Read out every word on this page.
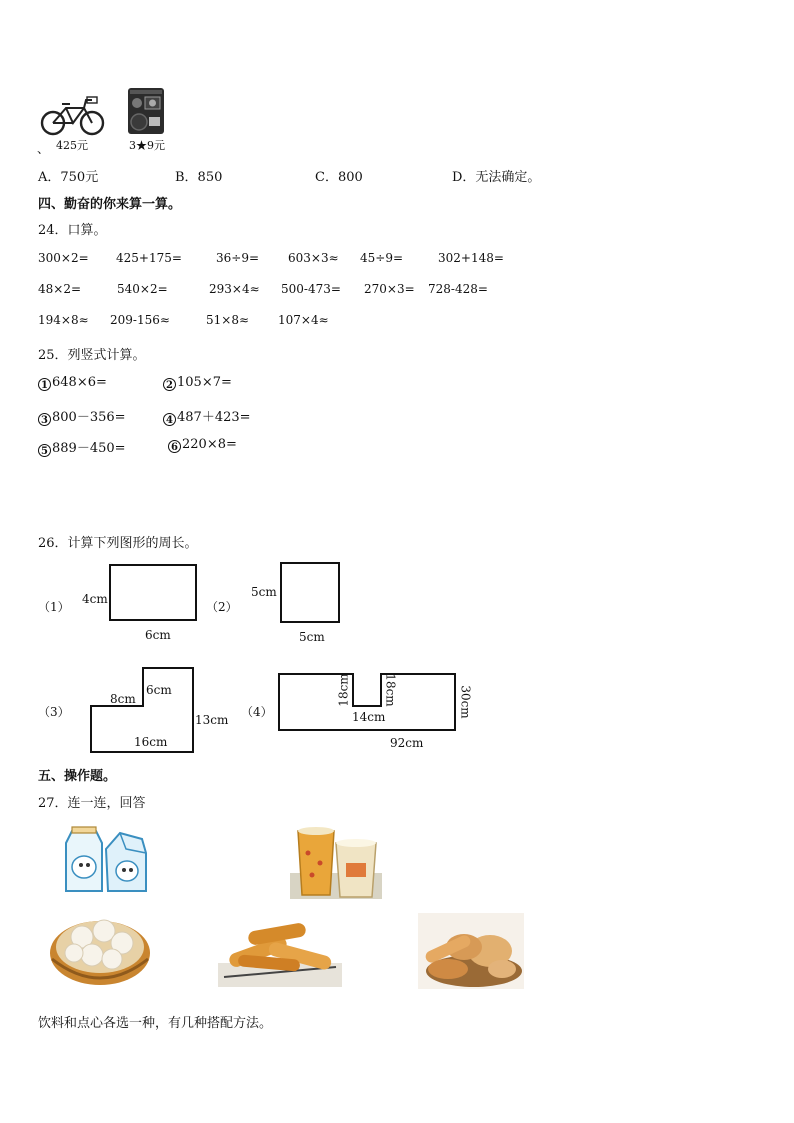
425元	3★9元
、
A．750元	B．850	C．800	D．无法确定。
四、勤奋的你来算一算。
24．口算。
300×2= 425+175=	36÷9= 603×3≈ 45÷9=	302+148=
48×2=	540×2=	293×4≈ 500-473= 270×3= 728-428=
194×8≈ 209-156≈	51×8≈ 107×4≈
25．列竖式计算。
1 648×6=	2 105×7=
3 800－356=	4 487＋423=
5 889－450=	6 220×8=
26．计算下列图形的周长。
（1）
4cm
6cm
（2）
5cm
5cm
（3）
8cm
6cm
13cm
16cm
（4）
18cm	18cm	30cm
14cm
92cm
五、操作题。
27．连一连，回答
饮料和点心各选一种，有几种搭配方法。
